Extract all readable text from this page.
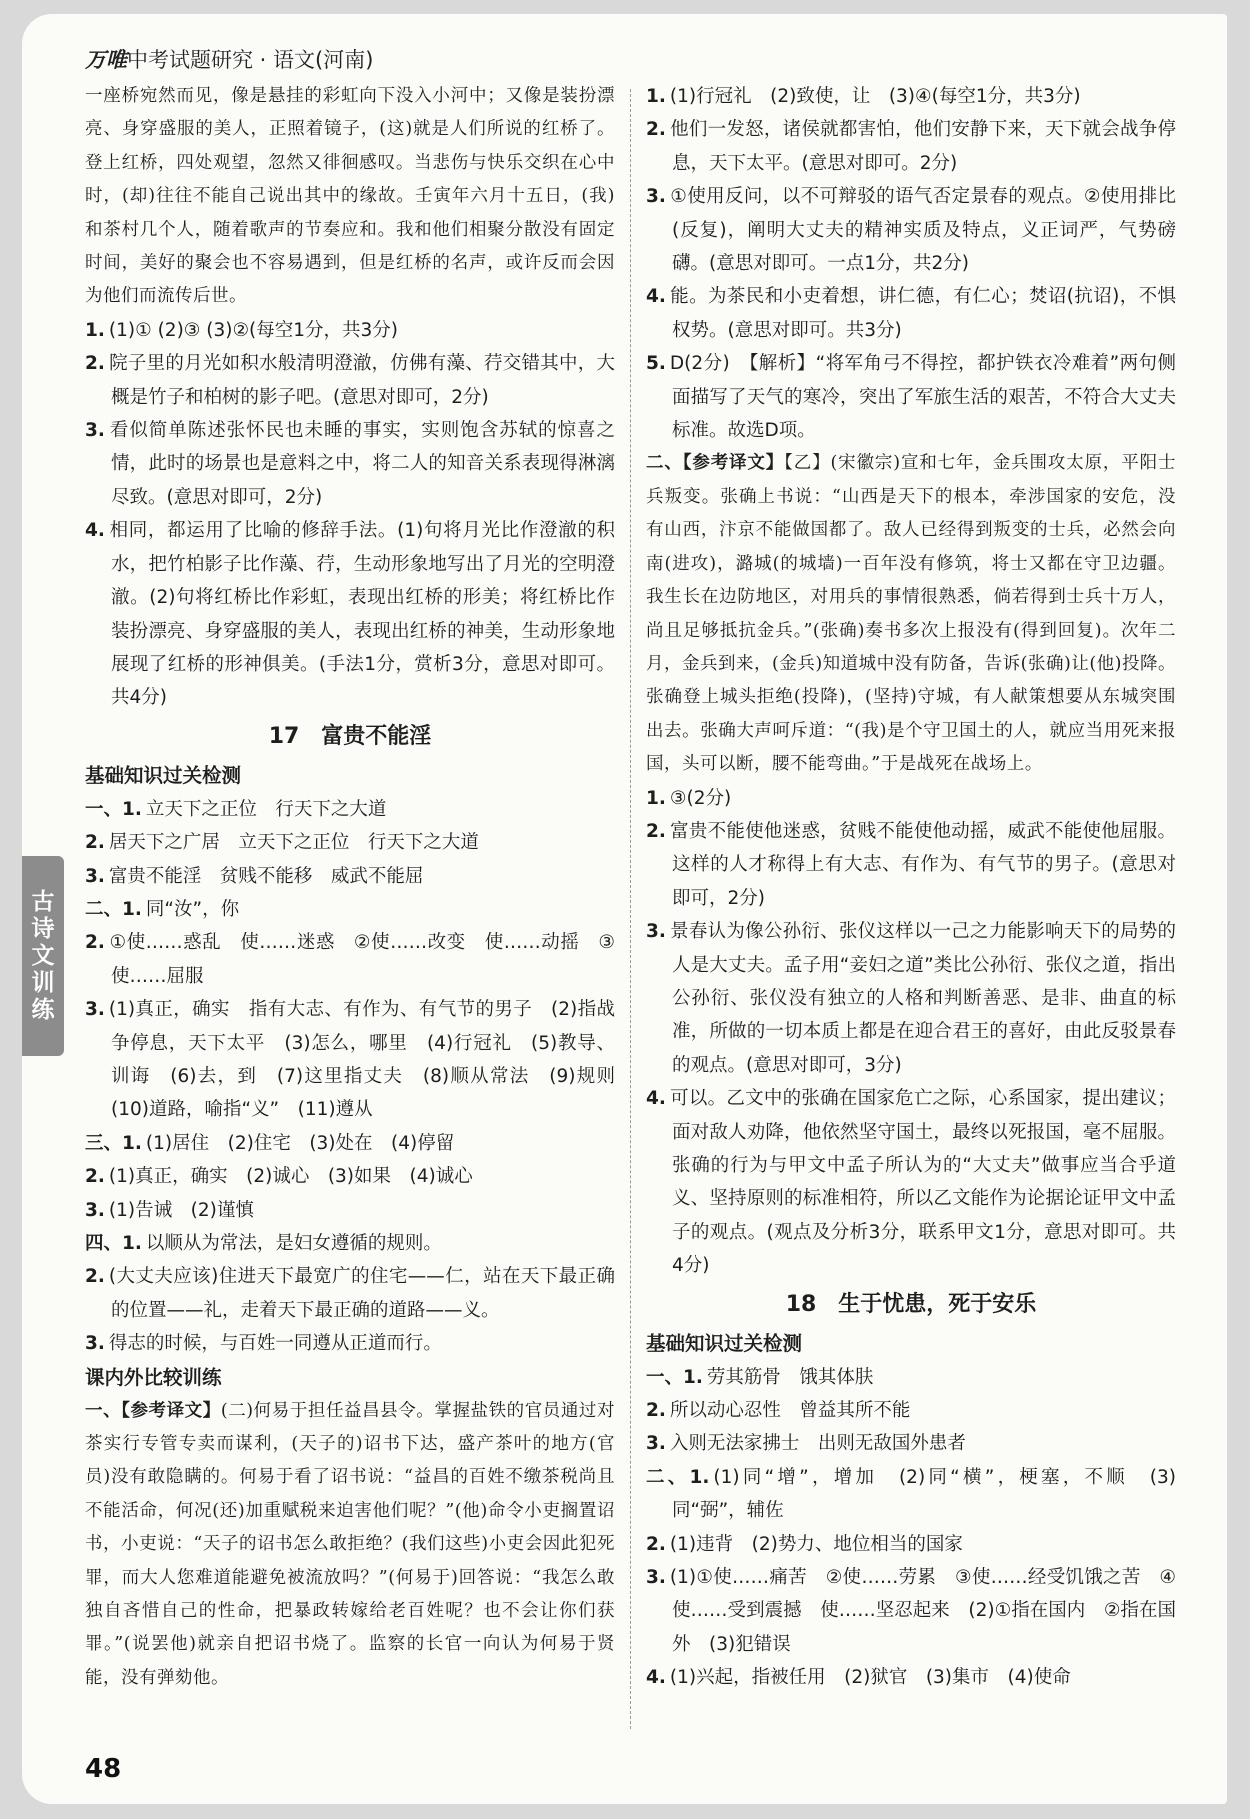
万唯中考试题研究 · 语文(河南)
古诗文训练

一座桥宛然而见，像是悬挂的彩虹向下没入小河中；又像是装扮漂亮、身穿盛服的美人，正照着镜子，(这)就是人们所说的红桥了。登上红桥，四处观望，忽然又徘徊感叹。当悲伤与快乐交织在心中时，(却)往往不能自己说出其中的缘故。壬寅年六月十五日，(我)和茶村几个人，随着歌声的节奏应和。我和他们相聚分散没有固定时间，美好的聚会也不容易遇到，但是红桥的名声，或许反而会因为他们而流传后世。

1. (1)① (2)③ (3)②(每空1分，共3分)

2. 院子里的月光如积水般清明澄澈，仿佛有藻、荇交错其中，大概是竹子和柏树的影子吧。(意思对即可，2分)

3. 看似简单陈述张怀民也未睡的事实，实则饱含苏轼的惊喜之情，此时的场景也是意料之中，将二人的知音关系表现得淋漓尽致。(意思对即可，2分)

4. 相同，都运用了比喻的修辞手法。(1)句将月光比作澄澈的积水，把竹柏影子比作藻、荇，生动形象地写出了月光的空明澄澈。(2)句将红桥比作彩虹，表现出红桥的形美；将红桥比作装扮漂亮、身穿盛服的美人，表现出红桥的神美，生动形象地展现了红桥的形神俱美。(手法1分，赏析3分，意思对即可。共4分)

17　富贵不能淫
基础知识过关检测

一、1. 立天下之正位　行天下之大道

2. 居天下之广居　立天下之正位　行天下之大道

3. 富贵不能淫　贫贱不能移　威武不能屈

二、1. 同“汝”，你

2. ①使……惑乱　使……迷惑　②使……改变　使……动摇　③使……屈服

3. (1)真正，确实　指有大志、有作为、有气节的男子　(2)指战争停息，天下太平　(3)怎么，哪里　(4)行冠礼　(5)教导、训诲　(6)去，到　(7)这里指丈夫　(8)顺从常法　(9)规则　(10)道路，喻指“义”　(11)遵从

三、1. (1)居住　(2)住宅　(3)处在　(4)停留

2. (1)真正，确实　(2)诚心　(3)如果　(4)诚心

3. (1)告诫　(2)谨慎

四、1. 以顺从为常法，是妇女遵循的规则。

2. (大丈夫应该)住进天下最宽广的住宅——仁，站在天下最正确的位置——礼，走着天下最正确的道路——义。

3. 得志的时候，与百姓一同遵从正道而行。

课内外比较训练

一、【参考译文】(二)何易于担任益昌县令。掌握盐铁的官员通过对茶实行专管专卖而谋利，(天子的)诏书下达，盛产茶叶的地方(官员)没有敢隐瞒的。何易于看了诏书说：“益昌的百姓不缴茶税尚且不能活命，何况(还)加重赋税来迫害他们呢？”(他)命令小吏搁置诏书，小吏说：“天子的诏书怎么敢拒绝？(我们这些)小吏会因此犯死罪，而大人您难道能避免被流放吗？”(何易于)回答说：“我怎么敢独自吝惜自己的性命，把暴政转嫁给老百姓呢？也不会让你们获罪。”(说罢他)就亲自把诏书烧了。监察的长官一向认为何易于贤能，没有弹劾他。

1. (1)行冠礼　(2)致使，让　(3)④(每空1分，共3分)

2. 他们一发怒，诸侯就都害怕，他们安静下来，天下就会战争停息，天下太平。(意思对即可。2分)

3. ①使用反问，以不可辩驳的语气否定景春的观点。②使用排比(反复)，阐明大丈夫的精神实质及特点，义正词严，气势磅礴。(意思对即可。一点1分，共2分)

4. 能。为茶民和小吏着想，讲仁德，有仁心；焚诏(抗诏)，不惧权势。(意思对即可。共3分)

5. D(2分)　【解析】“将军角弓不得控，都护铁衣冷难着”两句侧面描写了天气的寒冷，突出了军旅生活的艰苦，不符合大丈夫标准。故选D项。

二、【参考译文】【乙】(宋徽宗)宣和七年，金兵围攻太原，平阳士兵叛变。张确上书说：“山西是天下的根本，牵涉国家的安危，没有山西，汴京不能做国都了。敌人已经得到叛变的士兵，必然会向南(进攻)，潞城(的城墙)一百年没有修筑，将士又都在守卫边疆。我生长在边防地区，对用兵的事情很熟悉，倘若得到士兵十万人，尚且足够抵抗金兵。”(张确)奏书多次上报没有(得到回复)。次年二月，金兵到来，(金兵)知道城中没有防备，告诉(张确)让(他)投降。张确登上城头拒绝(投降)，(坚持)守城，有人献策想要从东城突围出去。张确大声呵斥道：“(我)是个守卫国土的人，就应当用死来报国，头可以断，腰不能弯曲。”于是战死在战场上。

1. ③(2分)

2. 富贵不能使他迷惑，贫贱不能使他动摇，威武不能使他屈服。这样的人才称得上有大志、有作为、有气节的男子。(意思对即可，2分)

3. 景春认为像公孙衍、张仪这样以一己之力能影响天下的局势的人是大丈夫。孟子用“妾妇之道”类比公孙衍、张仪之道，指出公孙衍、张仪没有独立的人格和判断善恶、是非、曲直的标准，所做的一切本质上都是在迎合君王的喜好，由此反驳景春的观点。(意思对即可，3分)

4. 可以。乙文中的张确在国家危亡之际，心系国家，提出建议；面对敌人劝降，他依然坚守国土，最终以死报国，毫不屈服。张确的行为与甲文中孟子所认为的“大丈夫”做事应当合乎道义、坚持原则的标准相符，所以乙文能作为论据论证甲文中孟子的观点。(观点及分析3分，联系甲文1分，意思对即可。共4分)

18　生于忧患，死于安乐
基础知识过关检测

一、1. 劳其筋骨　饿其体肤

2. 所以动心忍性　曾益其所不能

3. 入则无法家拂士　出则无敌国外患者

二、1. (1)同“增”，增加　(2)同“横”，梗塞，不顺　(3)同“弼”，辅佐

2. (1)违背　(2)势力、地位相当的国家

3. (1)①使……痛苦　②使……劳累　③使……经受饥饿之苦　④使……受到震撼　使……坚忍起来　(2)①指在国内　②指在国外　(3)犯错误

4. (1)兴起，指被任用　(2)狱官　(3)集市　(4)使命

48
